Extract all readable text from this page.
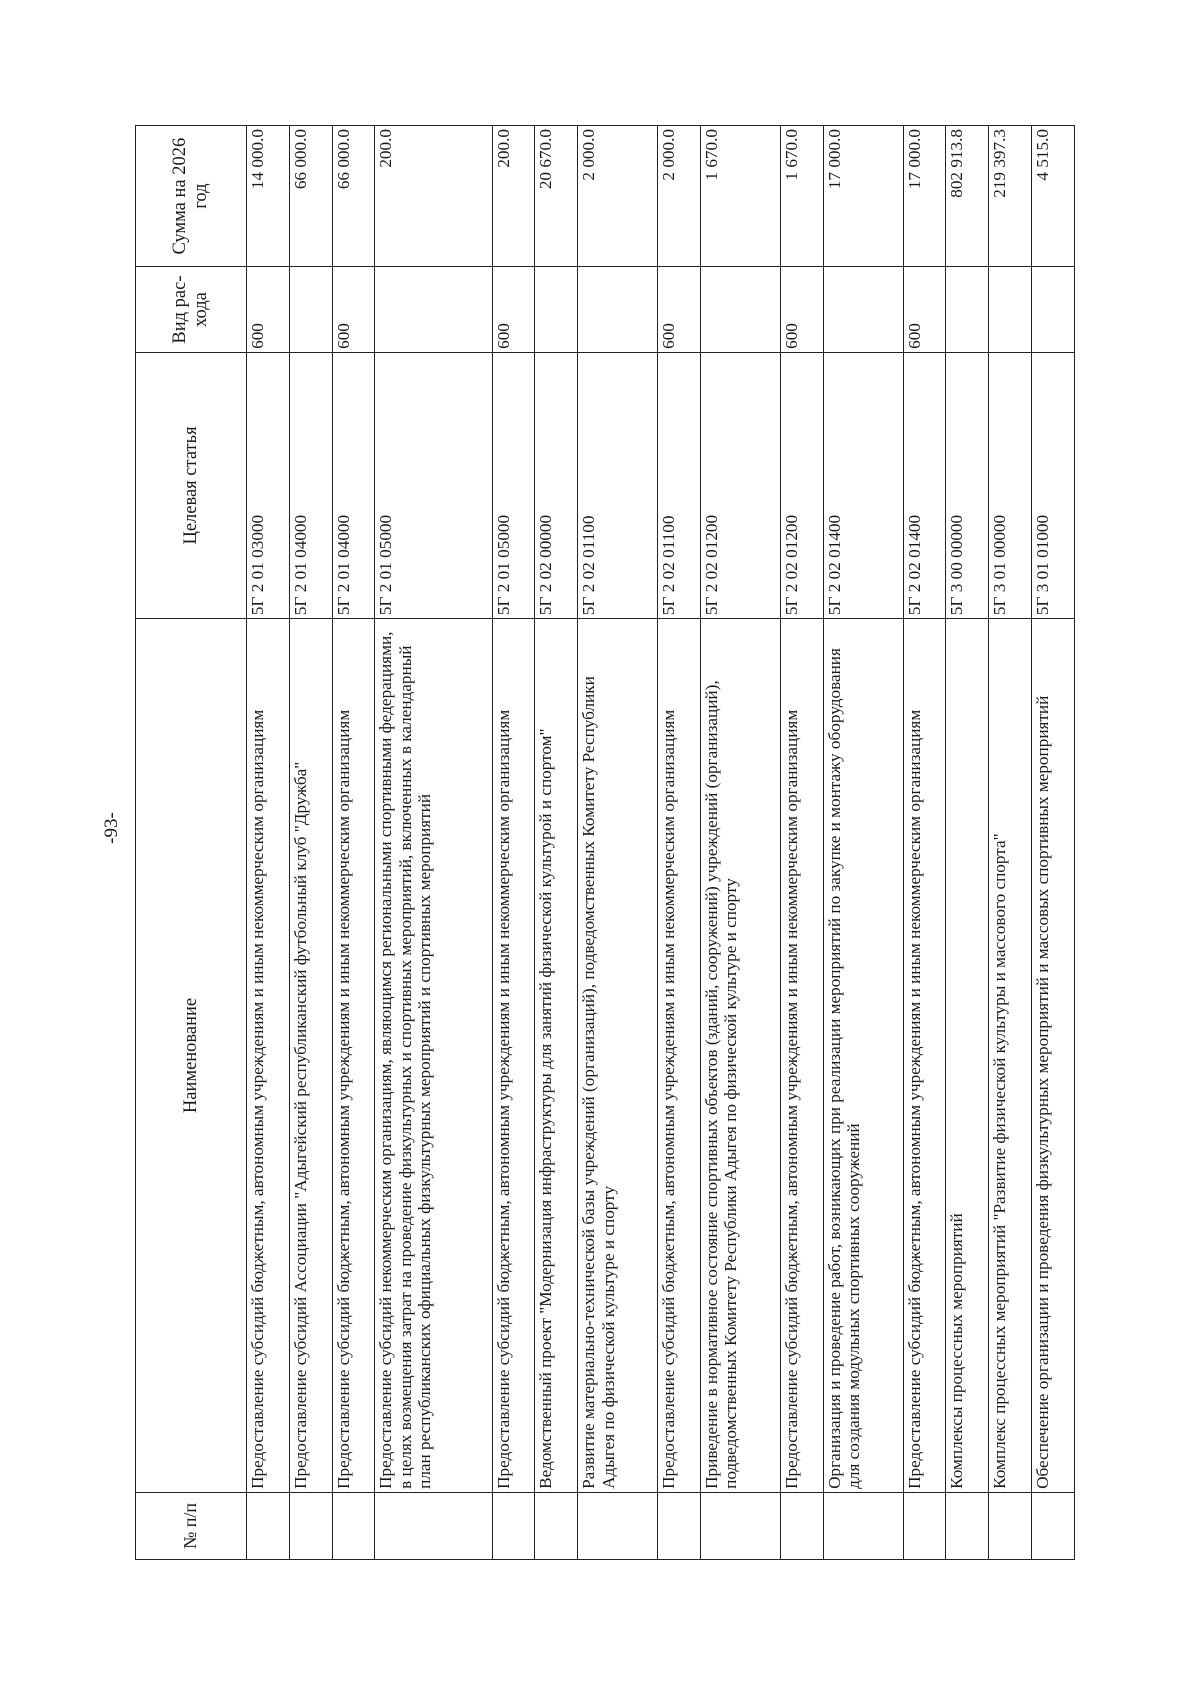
-93-
№ п/п	Наименование	Целевая статья	Вид рас-хода	Сумма на 2026 год
	Предоставление субсидий бюджетным, автономным учреждениям и иным некоммерческим организациям	5Г 2 01 03000	600	14 000.0
	Предоставление субсидий Ассоциации "Адыгейский республиканский футбольный клуб "Дружба"	5Г 2 01 04000		66 000.0
	Предоставление субсидий бюджетным, автономным учреждениям и иным некоммерческим организациям	5Г 2 01 04000	600	66 000.0
	Предоставление субсидий некоммерческим организациям, являющимся региональными спортивными федерациями, в целях возмещения затрат на проведение физкультурных и спортивных мероприятий, включенных в календарный план республиканских официальных физкультурных мероприятий и спортивных мероприятий	5Г 2 01 05000		200.0
	Предоставление субсидий бюджетным, автономным учреждениям и иным некоммерческим организациям	5Г 2 01 05000	600	200.0
	Ведомственный проект "Модернизация инфраструктуры для занятий физической культурой и спортом"	5Г 2 02 00000		20 670.0
	Развитие материально-технической базы учреждений (организаций), подведомственных Комитету Республики Адыгея по физической культуре и спорту	5Г 2 02 01100		2 000.0
	Предоставление субсидий бюджетным, автономным учреждениям и иным некоммерческим организациям	5Г 2 02 01100	600	2 000.0
	Приведение в нормативное состояние спортивных объектов (зданий, сооружений) учреждений (организаций), подведомственных Комитету Республики Адыгея по физической культуре и спорту	5Г 2 02 01200		1 670.0
	Предоставление субсидий бюджетным, автономным учреждениям и иным некоммерческим организациям	5Г 2 02 01200	600	1 670.0
	Организация и проведение работ, возникающих при реализации мероприятий по закупке и монтажу оборудования для создания модульных спортивных сооружений	5Г 2 02 01400		17 000.0
	Предоставление субсидий бюджетным, автономным учреждениям и иным некоммерческим организациям	5Г 2 02 01400	600	17 000.0
	Комплексы процессных мероприятий	5Г 3 00 00000		802 913.8
	Комплекс процессных мероприятий "Развитие физической культуры и массового спорта"	5Г 3 01 00000		219 397.3
	Обеспечение организации и проведения физкультурных мероприятий и массовых спортивных мероприятий	5Г 3 01 01000		4 515.0
